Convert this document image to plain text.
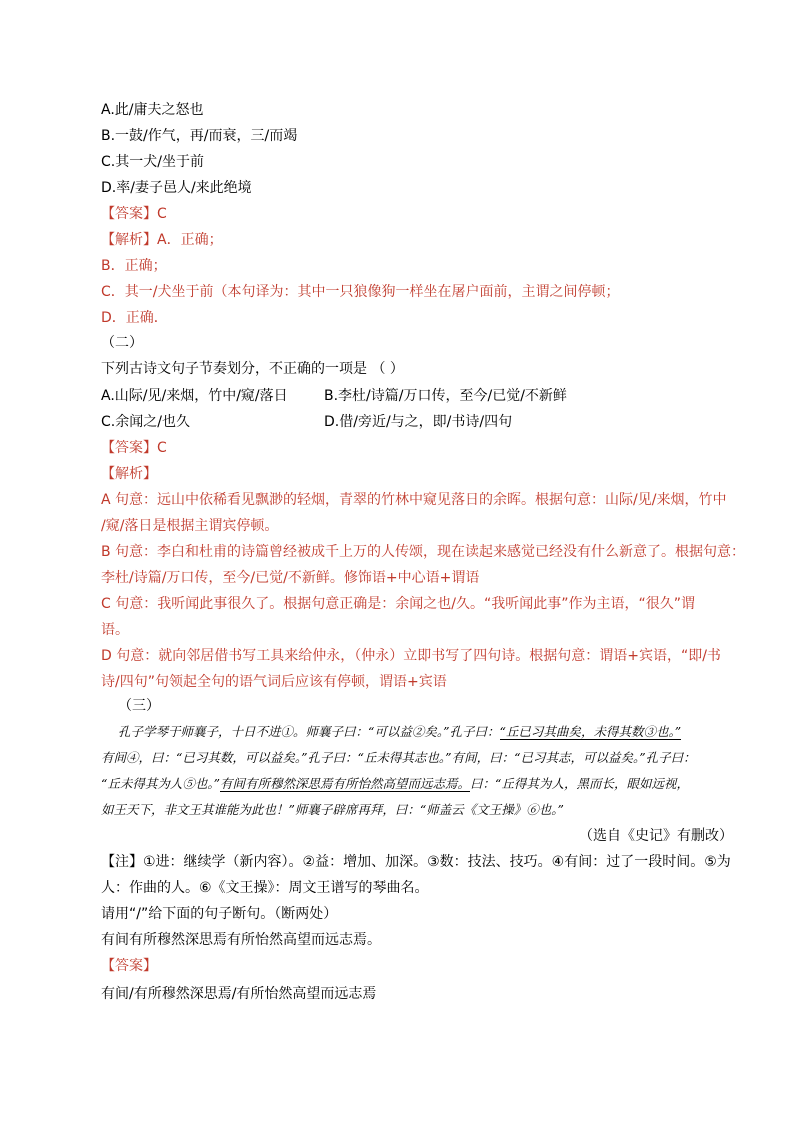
A.此/庸夫之怒也
B.一鼓/作气，再/而衰，三/而竭
C.其一犬/坐于前
D.率/妻子邑人/来此绝境
【答案】C
【解析】A．正确；
B．正确；
C．其一/犬坐于前（本句译为：其中一只狼像狗一样坐在屠户面前，主谓之间停顿；
D．正确．
（二）
下列古诗文句子节奏划分，不正确的一项是 （ ）
A.山际/见/来烟，竹中/窥/落日	B.李杜/诗篇/万口传，至今/已觉/不新鲜
C.余闻之/也久	D.借/旁近/与之，即/书诗/四句
【答案】C
【解析】
A 句意：远山中依稀看见飘渺的轻烟，青翠的竹林中窥见落日的余晖。根据句意：山际/见/来烟，竹中
/窥/落日是根据主谓宾停顿。
B 句意：李白和杜甫的诗篇曾经被成千上万的人传颂，现在读起来感觉已经没有什么新意了。根据句意：
李杜/诗篇/万口传，至今/已觉/不新鲜。修饰语+中心语+谓语
C 句意：我听闻此事很久了。根据句意正确是：余闻之也/久。“我听闻此事”作为主语，“很久”谓
语。
D 句意：就向邻居借书写工具来给仲永，（仲永）立即书写了四句诗。根据句意：谓语+宾语，“即/书
诗/四句”句领起全句的语气词后应该有停顿，谓语+宾语
（三）
孔子学琴于师襄子，十日不进①。师襄子曰：“可以益②矣。”孔子曰：“丘已习其曲矣，未得其数③也。”
有间④，曰：“已习其数，可以益矣。”孔子曰：“丘未得其志也。”有间，曰：“已习其志，可以益矣。”孔子曰：
“丘未得其为人⑤也。”有间有所穆然深思焉有所怡然高望而远志焉。曰：“丘得其为人，黑而长，眼如远视，
如王天下，非文王其谁能为此也！”师襄子辟席再拜，曰：“师盖云《文王操》⑥也。”
（选自《史记》有删改）
【注】①进：继续学（新内容）。②益：增加、加深。③数：技法、技巧。④有间：过了一段时间。⑤为
人：作曲的人。⑥《文王操》：周文王谱写的琴曲名。
请用“/”给下面的句子断句。（断两处）
有间有所穆然深思焉有所怡然高望而远志焉。
【答案】
有间/有所穆然深思焉/有所怡然高望而远志焉
